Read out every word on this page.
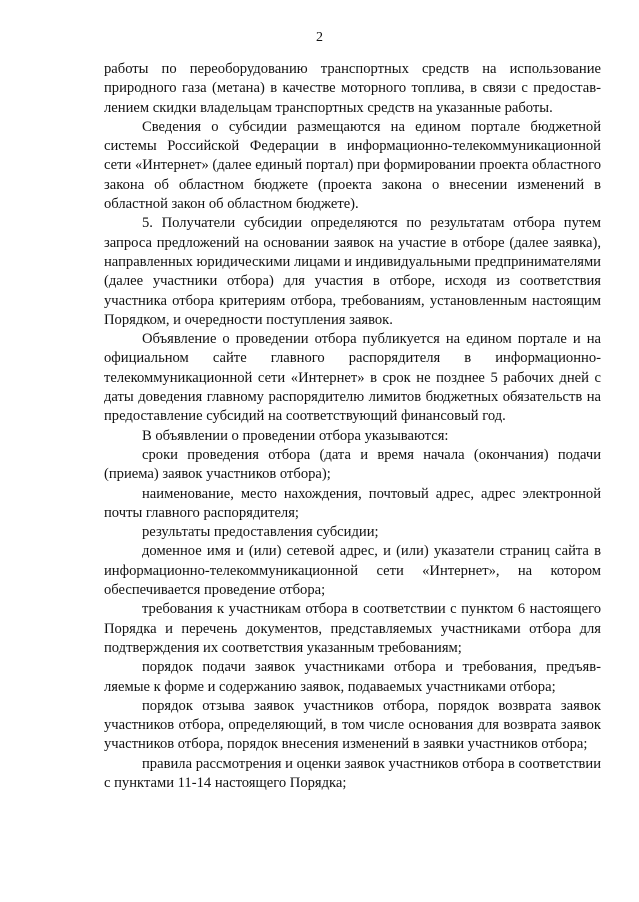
2

работы по переоборудованию транспортных средств на использование природного газа (метана) в качестве моторного топлива, в связи с предоставлением скидки владельцам транспортных средств на указанные работы.

Сведения о субсидии размещаются на едином портале бюджетной системы Российской Федерации в информационно-телекоммуникационной сети «Интернет» (далее единый портал) при формировании проекта областного закона об областном бюджете (проекта закона о внесении изменений в областной закон об областном бюджете).

5. Получатели субсидии определяются по результатам отбора путем запроса предложений на основании заявок на участие в отборе (далее заявка), направленных юридическими лицами и индивидуальными предпринимателями (далее участники отбора) для участия в отборе, исходя из соответствия участника отбора критериям отбора, требованиям, установленным настоящим Порядком, и очередности поступления заявок.

Объявление о проведении отбора публикуется на едином портале и на официальном сайте главного распорядителя в информационно-телекоммуникационной сети «Интернет» в срок не позднее 5 рабочих дней с даты доведения главному распорядителю лимитов бюджетных обязательств на предоставление субсидий на соответствующий финансовый год.

В объявлении о проведении отбора указываются:

сроки проведения отбора (дата и время начала (окончания) подачи (приема) заявок участников отбора);

наименование, место нахождения, почтовый адрес, адрес электронной почты главного распорядителя;

результаты предоставления субсидии;

доменное имя и (или) сетевой адрес, и (или) указатели страниц сайта в информационно-телекоммуникационной сети «Интернет», на котором обеспечивается проведение отбора;

требования к участникам отбора в соответствии с пунктом 6 настоящего Порядка и перечень документов, представляемых участниками отбора для подтверждения их соответствия указанным требованиям;

порядок подачи заявок участниками отбора и требования, предъявляемые к форме и содержанию заявок, подаваемых участниками отбора;

порядок отзыва заявок участников отбора, порядок возврата заявок участников отбора, определяющий, в том числе основания для возврата заявок участников отбора, порядок внесения изменений в заявки участников отбора;

правила рассмотрения и оценки заявок участников отбора в соответствии с пунктами 11-14 настоящего Порядка;
